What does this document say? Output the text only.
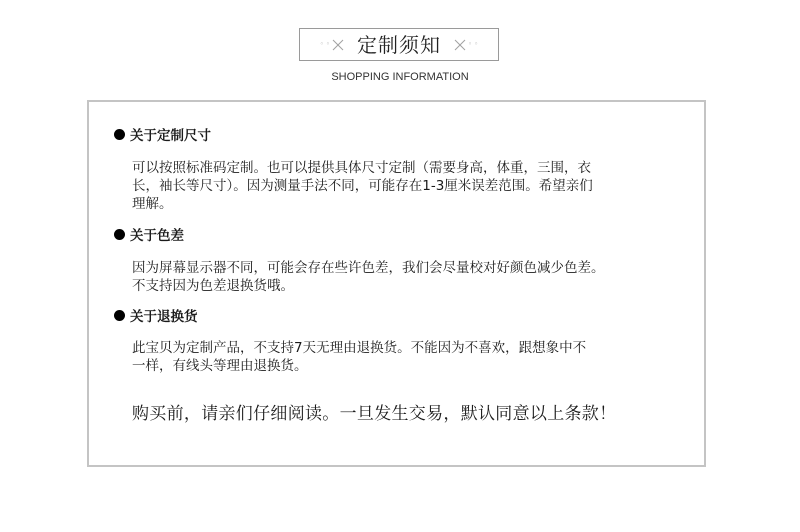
◦ ◦ 定制须知	◦ ◦
SHOPPING INFORMATION
关于定制尺寸
可以按照标准码定制。也可以提供具体尺寸定制（需要身高，体重，三围，衣
长，袖长等尺寸）。因为测量手法不同，可能存在1-3厘米误差范围。希望亲们
理解。
关于色差
因为屏幕显示器不同，可能会存在些许色差，我们会尽量校对好颜色减少色差。
不支持因为色差退换货哦。
关于退换货
此宝贝为定制产品，不支持7天无理由退换货。不能因为不喜欢，跟想象中不
一样，有线头等理由退换货。
购买前，请亲们仔细阅读。一旦发生交易，默认同意以上条款！
